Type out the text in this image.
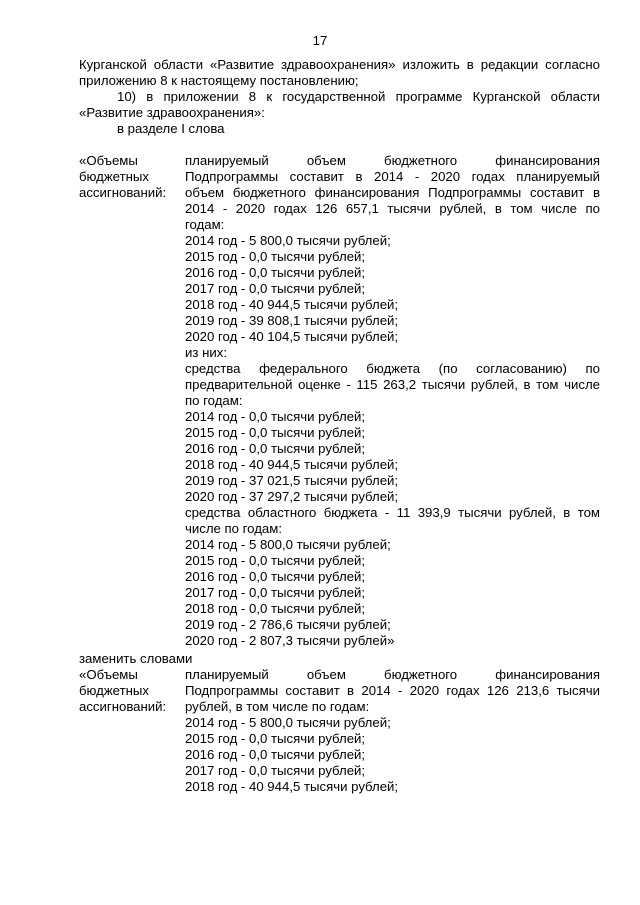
17
Курганской области «Развитие здравоохранения» изложить в редакции согласно приложению 8 к настоящему постановлению;
10) в приложении 8 к государственной программе Курганской области
«Развитие здравоохранения»:
в разделе I слова
«Объемы
бюджетных
ассигнований:
планируемый объем бюджетного финансирования
Подпрограммы составит в 2014 - 2020 годах планируемый
объем бюджетного финансирования Подпрограммы составит в
2014 - 2020 годах 126 657,1 тысячи рублей, в том числе по
годам:
2014 год - 5 800,0 тысячи рублей;
2015 год - 0,0 тысячи рублей;
2016 год - 0,0 тысячи рублей;
2017 год - 0,0 тысячи рублей;
2018 год - 40 944,5 тысячи рублей;
2019 год - 39 808,1 тысячи рублей;
2020 год - 40 104,5 тысячи рублей;
из них:
средства федерального бюджета (по согласованию) по
предварительной оценке - 115 263,2 тысячи рублей, в том числе
по годам:
2014 год - 0,0 тысячи рублей;
2015 год - 0,0 тысячи рублей;
2016 год - 0,0 тысячи рублей;
2018 год - 40 944,5 тысячи рублей;
2019 год - 37 021,5 тысячи рублей;
2020 год - 37 297,2 тысячи рублей;
средства областного бюджета - 11 393,9 тысячи рублей, в том
числе по годам:
2014 год - 5 800,0 тысячи рублей;
2015 год - 0,0 тысячи рублей;
2016 год - 0,0 тысячи рублей;
2017 год - 0,0 тысячи рублей;
2018 год - 0,0 тысячи рублей;
2019 год - 2 786,6 тысячи рублей;
2020 год - 2 807,3 тысячи рублей»
заменить словами
«Объемы
бюджетных
ассигнований:
планируемый объем бюджетного финансирования
Подпрограммы составит в 2014 - 2020 годах 126 213,6 тысячи
рублей, в том числе по годам:
2014 год - 5 800,0 тысячи рублей;
2015 год - 0,0 тысячи рублей;
2016 год - 0,0 тысячи рублей;
2017 год - 0,0 тысячи рублей;
2018 год - 40 944,5 тысячи рублей;
